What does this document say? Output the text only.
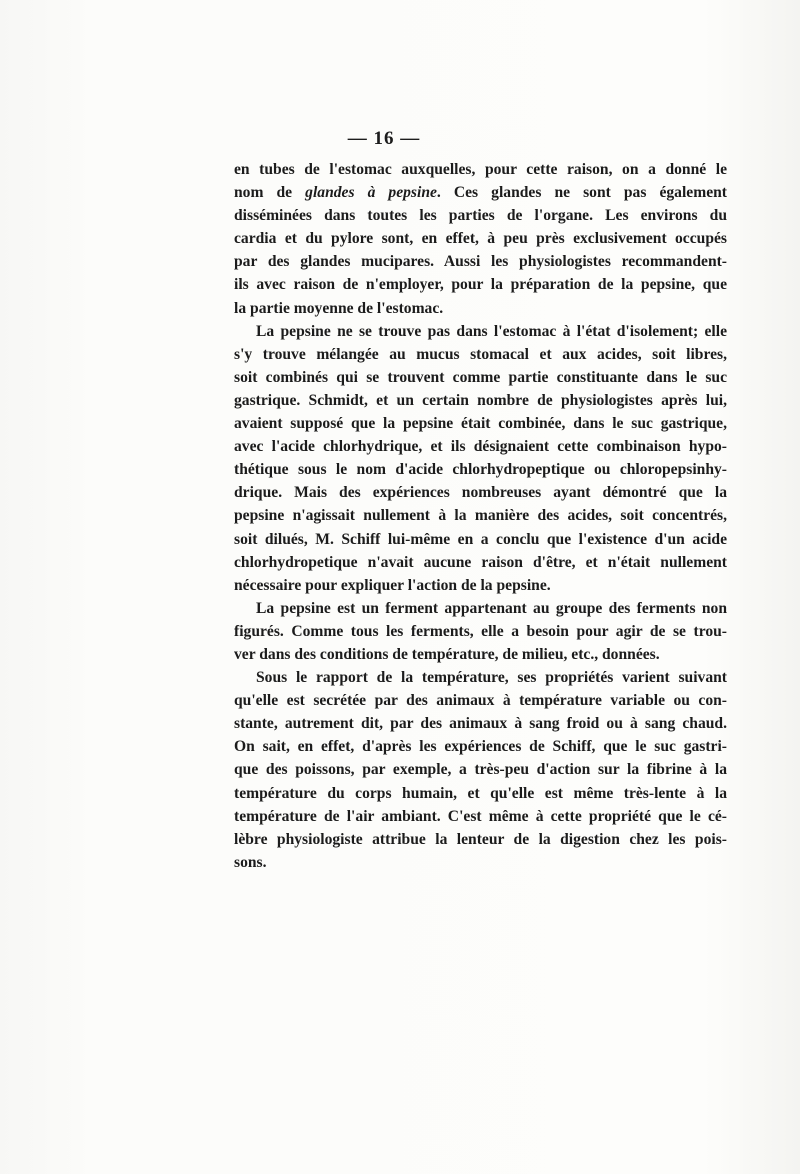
— 16 —
en tubes de l'estomac auxquelles, pour cette raison, on a donné le
nom de glandes à pepsine. Ces glandes ne sont pas également
disséminées dans toutes les parties de l'organe. Les environs du
cardia et du pylore sont, en effet, à peu près exclusivement occupés
par des glandes mucipares. Aussi les physiologistes recommandent-
ils avec raison de n'employer, pour la préparation de la pepsine, que
la partie moyenne de l'estomac.
La pepsine ne se trouve pas dans l'estomac à l'état d'isolement; elle
s'y trouve mélangée au mucus stomacal et aux acides, soit libres,
soit combinés qui se trouvent comme partie constituante dans le suc
gastrique. Schmidt, et un certain nombre de physiologistes après lui,
avaient supposé que la pepsine était combinée, dans le suc gastrique,
avec l'acide chlorhydrique, et ils désignaient cette combinaison hypo-
thétique sous le nom d'acide chlorhydropeptique ou chloropepsinhy-
drique. Mais des expériences nombreuses ayant démontré que la
pepsine n'agissait nullement à la manière des acides, soit concentrés,
soit dilués, M. Schiff lui-même en a conclu que l'existence d'un acide
chlorhydropetique n'avait aucune raison d'être, et n'était nullement
nécessaire pour expliquer l'action de la pepsine.
La pepsine est un ferment appartenant au groupe des ferments non
figurés. Comme tous les ferments, elle a besoin pour agir de se trou-
ver dans des conditions de température, de milieu, etc., données.
Sous le rapport de la température, ses propriétés varient suivant
qu'elle est secrétée par des animaux à température variable ou con-
stante, autrement dit, par des animaux à sang froid ou à sang chaud.
On sait, en effet, d'après les expériences de Schiff, que le suc gastri-
que des poissons, par exemple, a très-peu d'action sur la fibrine à la
température du corps humain, et qu'elle est même très-lente à la
température de l'air ambiant. C'est même à cette propriété que le cé-
lèbre physiologiste attribue la lenteur de la digestion chez les pois-
sons.
